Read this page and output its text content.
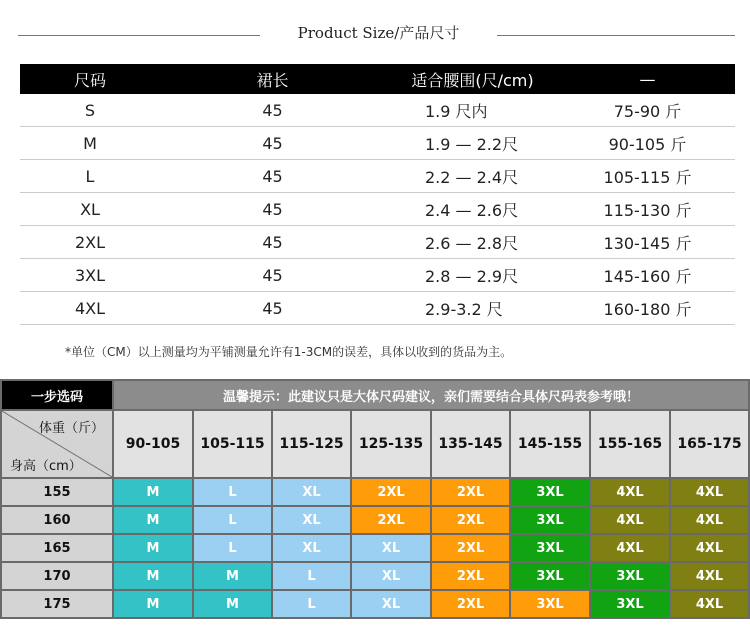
Product Size/产品尺寸
尺码	裙长	适合腰围(尺/cm)	—
S	45	1.9 尺内	75-90 斤
M	45	1.9 — 2.2尺	90-105 斤
L	45	2.2 — 2.4尺	105-115 斤
XL	45	2.4 — 2.6尺	115-130 斤
2XL	45	2.6 — 2.8尺	130-145 斤
3XL	45	2.8 — 2.9尺	145-160 斤
4XL	45	2.9-3.2 尺	160-180 斤
*单位（CM）以上测量均为平铺测量允许有1-3CM的误差，具体以收到的货品为主。
一步选码	温馨提示：此建议只是大体尺码建议，亲们需要结合具体尺码表参考哦！
体重（斤）
身高（cm）
90-105	105-115	115-125	125-135	135-145	145-155	155-165	165-175
155	M	L	XL	2XL	2XL	3XL	4XL	4XL
160	M	L	XL	2XL	2XL	3XL	4XL	4XL
165	M	L	XL	XL	2XL	3XL	4XL	4XL
170	M	M	L	XL	2XL	3XL	3XL	4XL
175	M	M	L	XL	2XL	3XL	3XL	4XL
